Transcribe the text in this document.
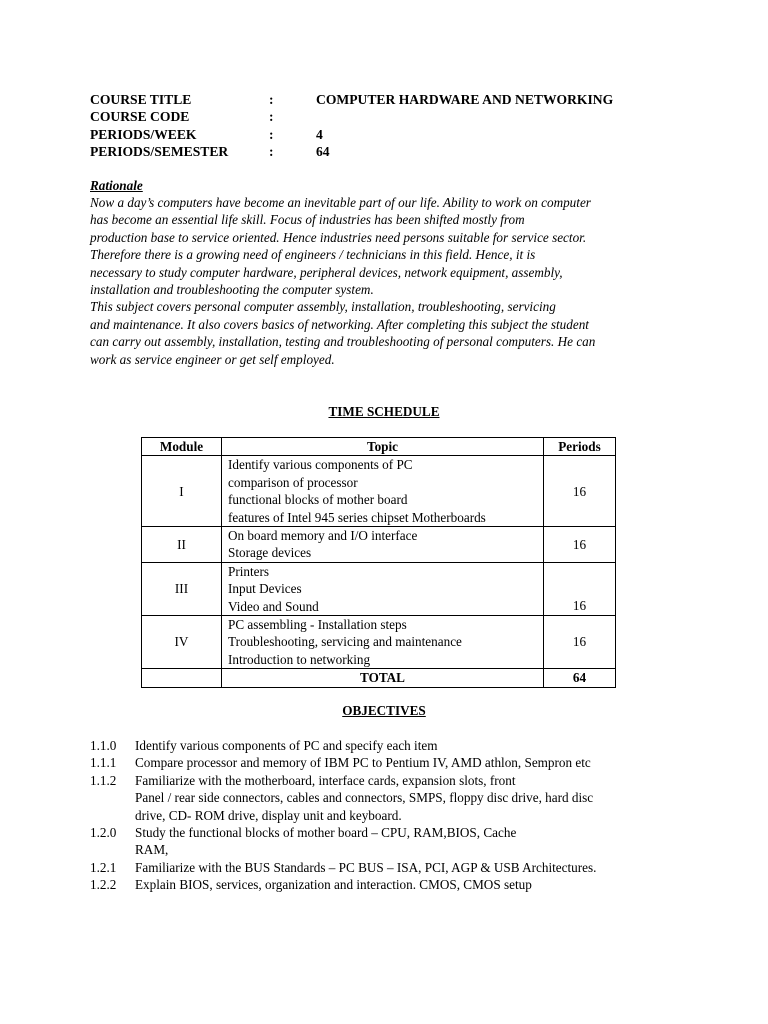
COURSE TITLE	:	COMPUTER HARDWARE AND NETWORKING
COURSE CODE	:
PERIODS/WEEK	:	4
PERIODS/SEMESTER	:	64
Rationale
Now a day’s computers have become an inevitable part of our life. Ability to work on computer
has become an essential life skill. Focus of industries has been shifted mostly from
production base to service oriented. Hence industries need persons suitable for service sector.
Therefore there is a growing need of engineers / technicians in this field. Hence, it is
necessary to study computer hardware, peripheral devices, network equipment, assembly,
installation and troubleshooting the computer system.
This subject covers personal computer assembly, installation, troubleshooting, servicing
and maintenance. It also covers basics of networking. After completing this subject the student
can carry out assembly, installation, testing and troubleshooting of personal computers. He can
work as service engineer or get self employed.
TIME SCHEDULE
Module	Topic	Periods
I	Identify various components of PC
comparison of processor
functional blocks of mother board
features of Intel 945 series chipset Motherboards	16
II	On board memory and I/O interface
Storage devices	16
III	Printers
Input Devices
Video and Sound	16
IV	PC assembling - Installation steps
Troubleshooting, servicing and maintenance
Introduction to networking	16
	TOTAL	64
OBJECTIVES
1.1.0 Identify various components of PC and specify each item
1.1.1 Compare processor and memory of IBM PC to Pentium IV, AMD athlon, Sempron etc
1.1.2 Familiarize with the motherboard, interface cards, expansion slots, front
Panel / rear side connectors, cables and connectors, SMPS, floppy disc drive, hard disc
drive, CD- ROM drive, display unit and keyboard.
1.2.0 Study the functional blocks of mother board – CPU, RAM,BIOS, Cache
RAM,
1.2.1 Familiarize with the BUS Standards – PC BUS – ISA, PCI, AGP & USB Architectures.
1.2.2 Explain BIOS, services, organization and interaction. CMOS, CMOS setup
